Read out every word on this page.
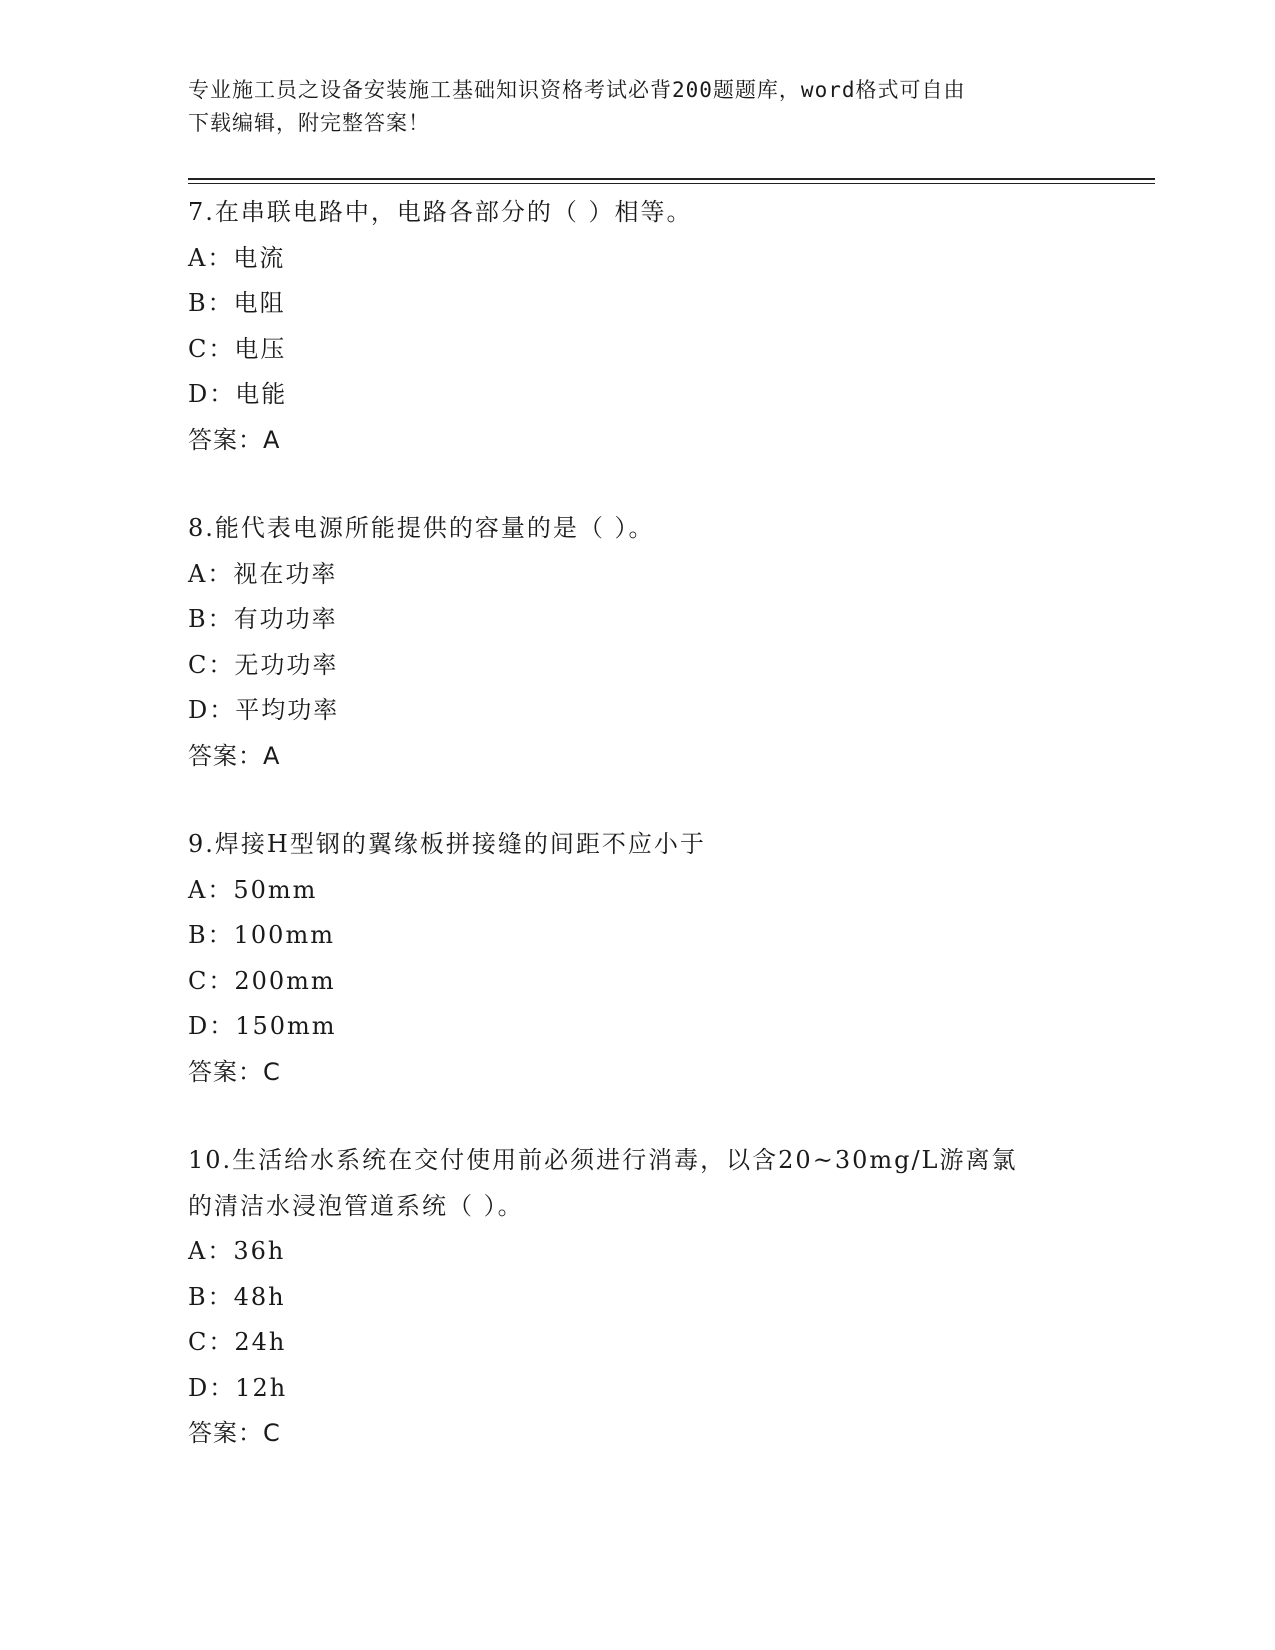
专业施工员之设备安装施工基础知识资格考试必背200题题库，word格式可自由
下载编辑，附完整答案！
7.在串联电路中，电路各部分的（ ）相等。
A：电流
B：电阻
C：电压
D：电能
答案：A
8.能代表电源所能提供的容量的是（ ）。
A：视在功率
B：有功功率
C：无功功率
D：平均功率
答案：A
9.焊接H型钢的翼缘板拼接缝的间距不应小于
A：50mm
B：100mm
C：200mm
D：150mm
答案：C
10.生活给水系统在交付使用前必须进行消毒，以含20~30mg/L游离氯
的清洁水浸泡管道系统（ ）。
A：36h
B：48h
C：24h
D：12h
答案：C
